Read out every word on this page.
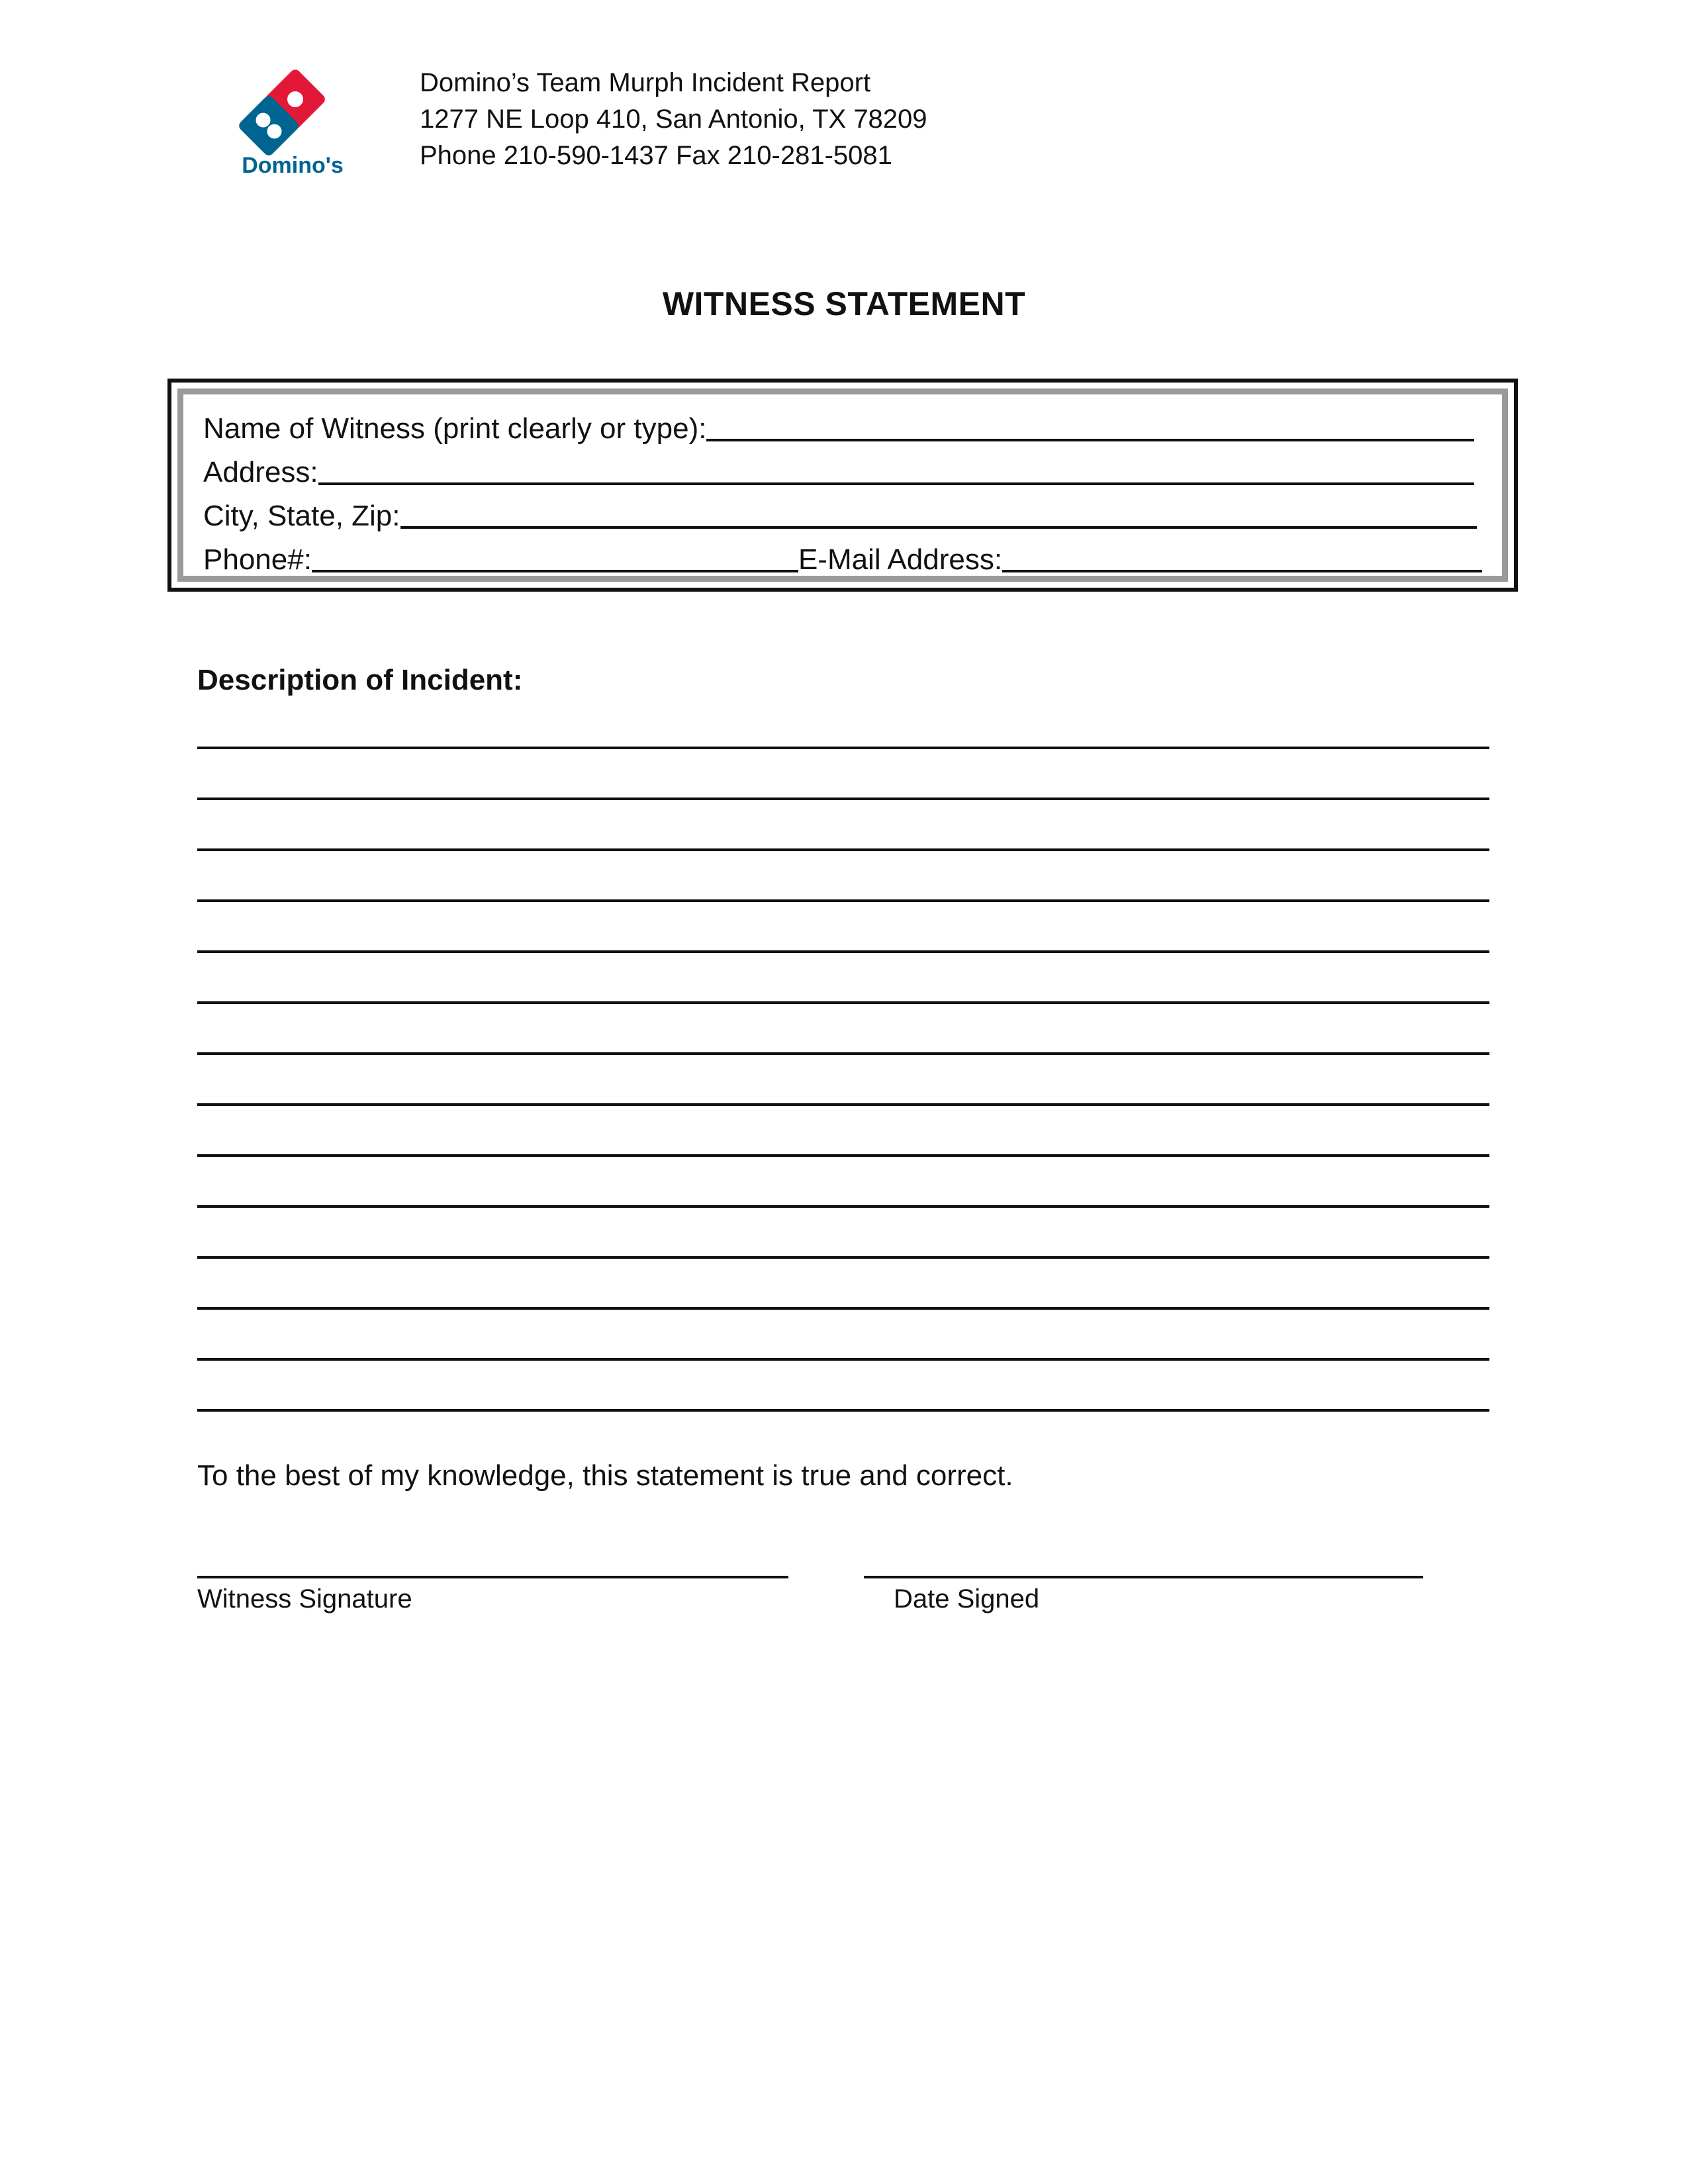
Domino's
Domino’s Team Murph Incident Report
1277 NE Loop 410, San Antonio, TX 78209
Phone 210-590-1437 Fax 210-281-5081
WITNESS STATEMENT
Name of Witness (print clearly or type):
Address:
City, State, Zip:
Phone#:	E-Mail Address:
Description of Incident:
To the best of my knowledge, this statement is true and correct.
Witness Signature	Date Signed
